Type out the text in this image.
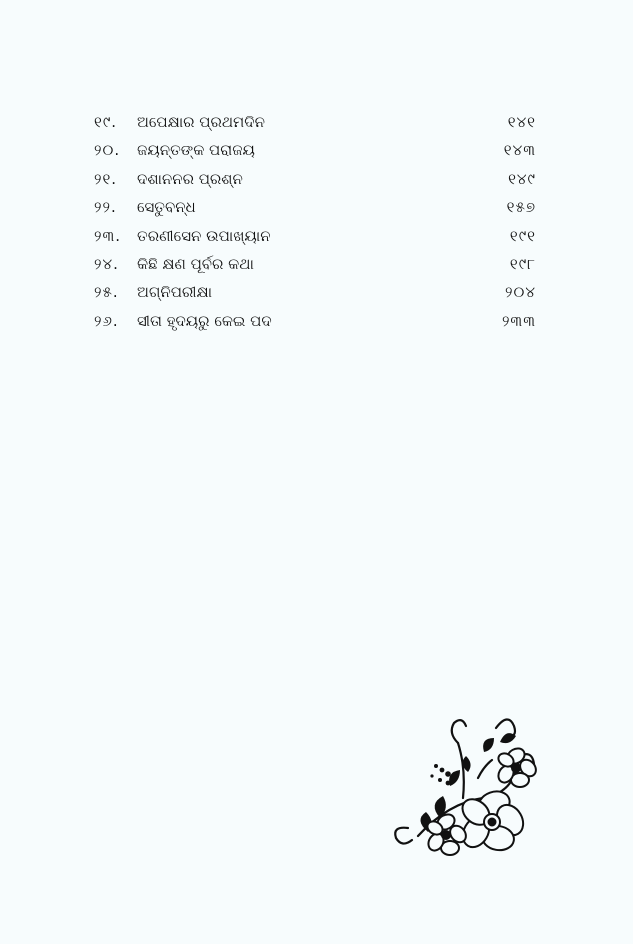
୧୯. ଅପେକ୍ଷାର ପ୍ରଥମଦିନ	୧୪୧
୨୦. ଜୟନ୍ତଙ୍କ ପରାଜୟ	୧୪୩
୨୧. ଦଶାନନର ପ୍ରଶ୍ନ	୧୪୯
୨୨. ସେତୁବନ୍ଧ	୧୫୭
୨୩. ତରଣୀସେନ ଉପାଖ୍ୟାନ	୧୯୧
୨୪. କିଛି କ୍ଷଣ ପୂର୍ବର କଥା	୧୯୮
୨୫. ଅଗ୍ନିପରୀକ୍ଷା	୨୦୪
୨୬. ସୀତା ହୃଦୟରୁ କେଇ ପଦ	୨୩୩
